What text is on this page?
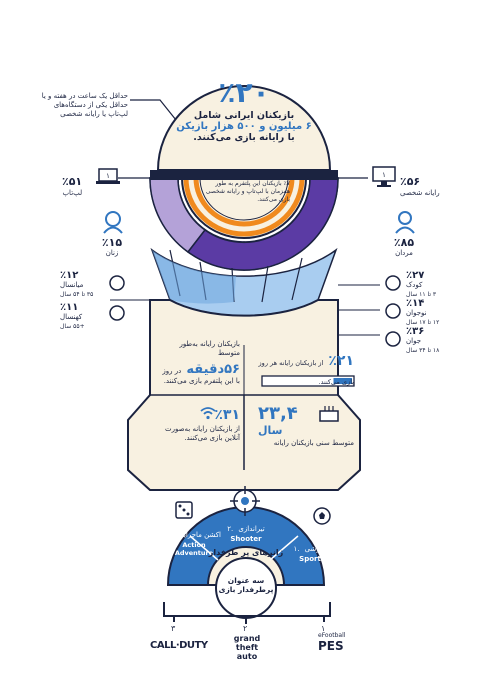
٪۲۰
بازیکنان ایرانی شامل
۶ میلیون و ۵۰۰ هزار بازیکن
با رایانه بازی می‌کنند.
حداقل یک ساعت در هفته و یا حداقل یکی از دستگاه‌های لپ‌تاپ یا رایانه شخصی
٪۷ بازیکنان این پلتفرم به طور همزمان با لپ‌تاپ و رایانه شخصی بازی می‌کنند.
٪۵۱
لپ‌تاپ
۱	۱ ٪۵۶
رایانه شخصی
٪۱۵
زنان
٪۸۵
مردان
٪۱۲
میانسال
۳۵ تا ۵۴ سال
٪۱۱
کهنسال
+۵۵ سال
٪۲۷
کودک
۳ تا ۱۱ سال
٪۱۴
نوجوان
۱۲ تا ۱۷ سال
٪۳۶
جوان
۱۸ تا ۳۴ سال
بازیکنان رایانه به‌طور متوسط
۵۶دقیقه در روز
با این پلتفرم بازی می‌کنند.
٪۲۱ از بازیکنان رایانه هر روز بازی می‌کنند.
٪۳۱
از بازیکنان رایانه به‌صورت آنلاین بازی می‌کنند.
۲۳,۴
سال
متوسط سنی بازیکنان رایانه
۲. تیراندازی
Shooter
۳. اکشن ماجرایی
Action Adventure	۱. ورزشی
Sport
ژانرهای پر طرفدار
سه عنوان پرطرفدار بازی
۳	۲	۱
CALL·DUTY
grand theft auto
eFootball
PES
